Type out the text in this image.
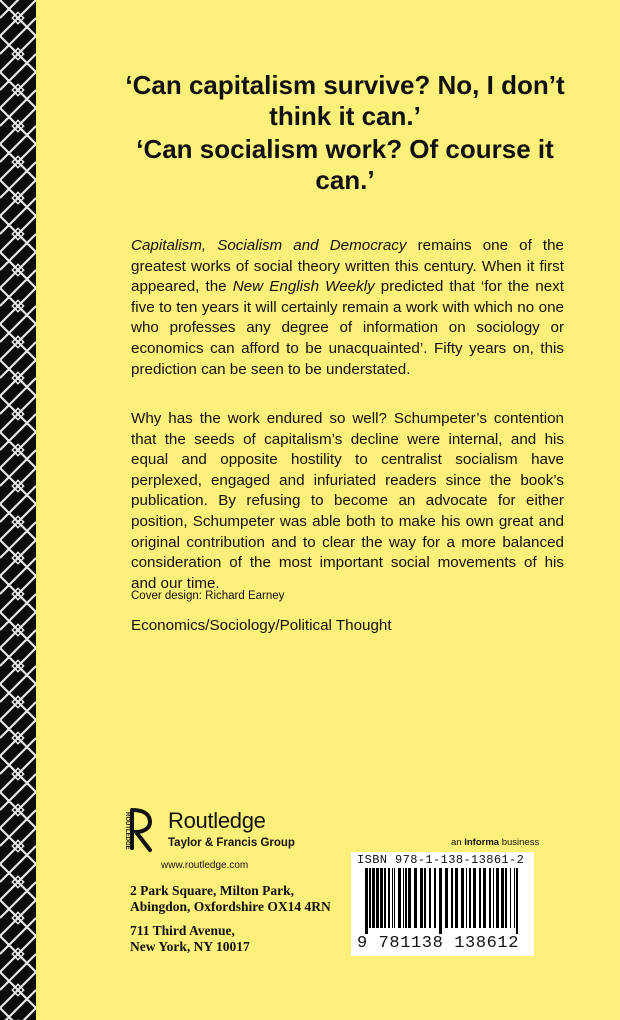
‘Can capitalism survive? No, I don’t think it can.’
‘Can socialism work? Of course it can.’
Capitalism, Socialism and Democracy remains one of the greatest works of social theory written this century. When it first appeared, the New English Weekly predicted that ‘for the next five to ten years it will certainly remain a work with which no one who professes any degree of information on sociology or economics can afford to be unacquainted’. Fifty years on, this prediction can be seen to be understated.
Why has the work endured so well? Schumpeter’s contention that the seeds of capitalism’s decline were internal, and his equal and opposite hostility to centralist socialism have perplexed, engaged and infuriated readers since the book’s publication. By refusing to become an advocate for either position, Schumpeter was able both to make his own great and original contribution and to clear the way for a more balanced consideration of the most important social movements of his and our time.
Cover design: Richard Earney
Economics/Sociology/Political Thought
ROUTLEDGE Routledge
Taylor & Francis Group
www.routledge.com
2 Park Square, Milton Park,
Abingdon, Oxfordshire OX14 4RN
711 Third Avenue,
New York, NY 10017
an Informa business
ISBN 978-1-138-13861-2
9 781138 138612
